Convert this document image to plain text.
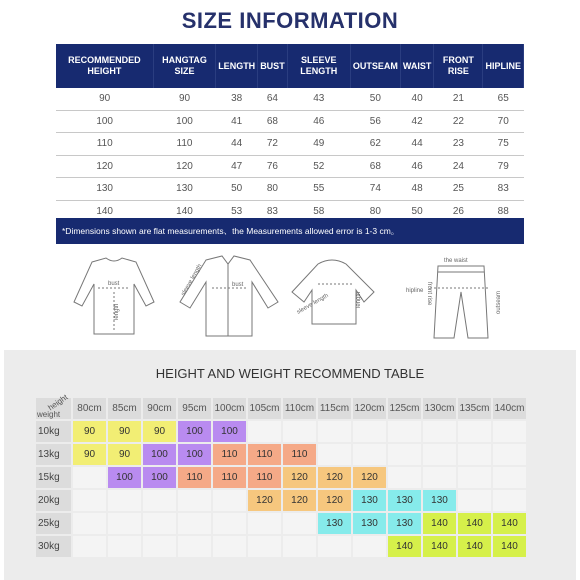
SIZE INFORMATION
RECOMMENDED HEIGHT	HANGTAG SIZE	LENGTH	BUST	SLEEVE LENGTH	OUTSEAM	WAIST	FRONT RISE	HIPLINE
90	90	38	64	43	50	40	21	65
100	100	41	68	46	56	42	22	70
110	110	44	72	49	62	44	23	75
120	120	47	76	52	68	46	24	79
130	130	50	80	55	74	48	25	83
140	140	53	83	58	80	50	26	88
*Dimensions shown are flat measurements、the Measurements allowed error is 1-3 cm。
bust
length
sleeve length	bust
sleeve length	length
the waist
hipline front rise	outseam
HEIGHT AND WEIGHT RECOMMEND TABLE
height
weight	80cm	85cm	90cm	95cm	100cm	105cm	110cm	115cm	120cm	125cm	130cm	135cm	140cm
10kg	90	90	90	100	100								
13kg	90	90	100	100	110	110	110						
15kg		100	100	110	110	110	120	120	120				
20kg						120	120	120	130	130	130		
25kg								130	130	130	140	140	140
30kg										140	140	140	140
